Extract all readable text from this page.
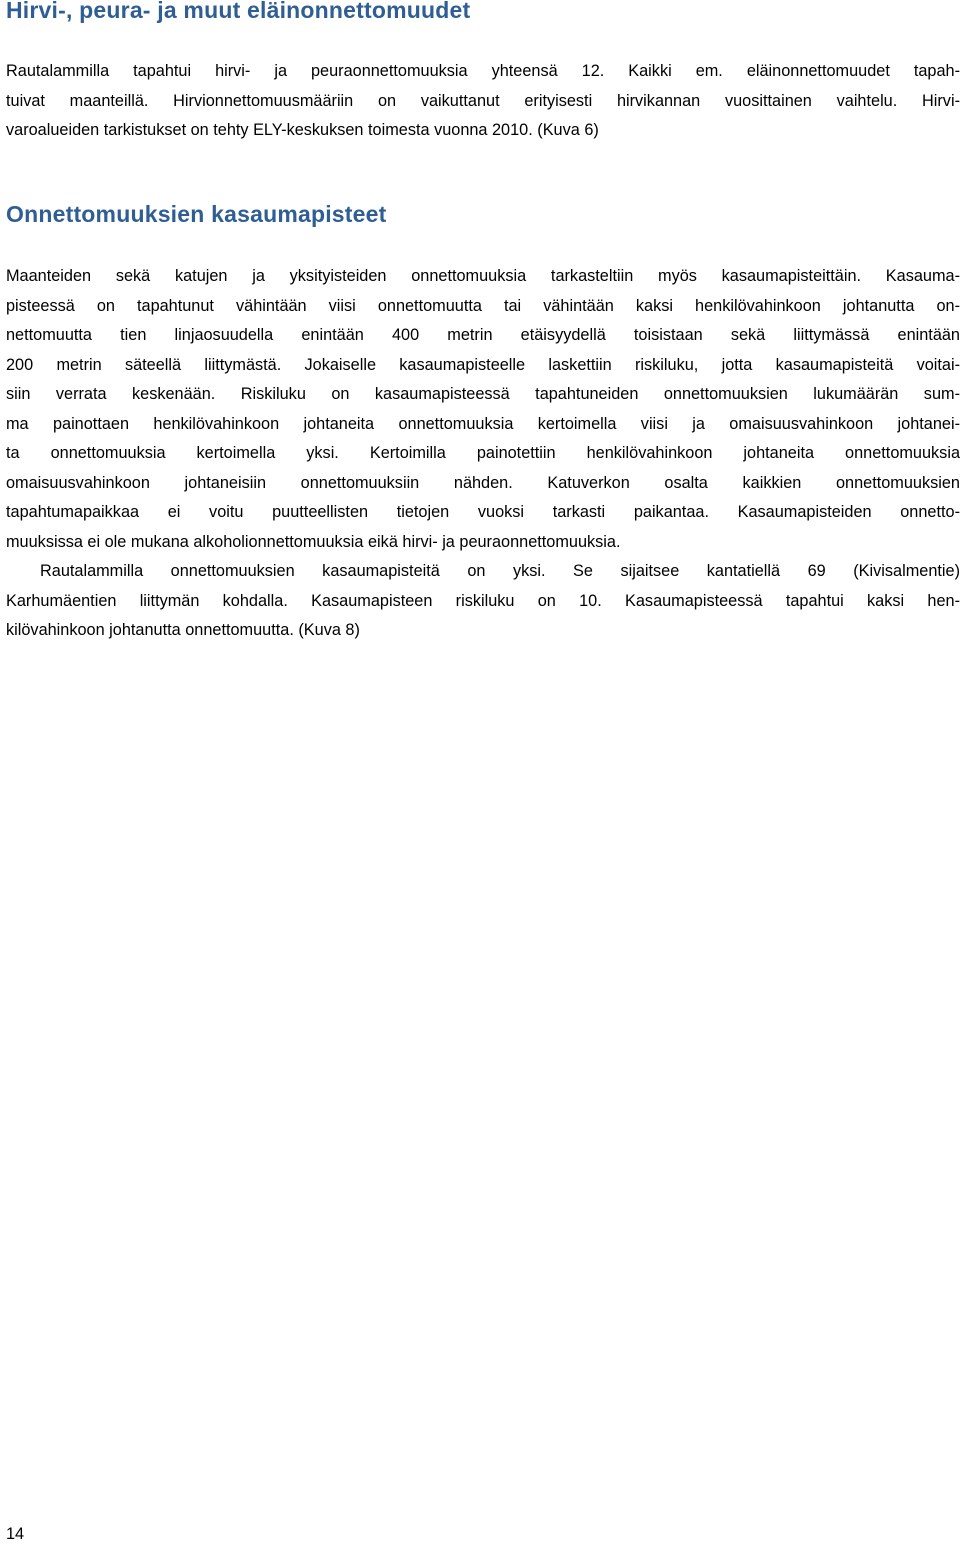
Hirvi-, peura- ja muut eläinonnettomuudet

Rautalammilla tapahtui hirvi- ja peuraonnettomuuksia yhteensä 12. Kaikki em. eläinonnettomuudet tapah-
tuivat maanteillä. Hirvionnettomuusmääriin on vaikuttanut erityisesti hirvikannan vuosittainen vaihtelu. Hirvi-
varoalueiden tarkistukset on tehty ELY-keskuksen toimesta vuonna 2010. (Kuva 6)

Onnettomuuksien kasaumapisteet

Maanteiden sekä katujen ja yksityisteiden onnettomuuksia tarkasteltiin myös kasaumapisteittäin. Kasauma-
pisteessä on tapahtunut vähintään viisi onnettomuutta tai vähintään kaksi henkilövahinkoon johtanutta on-
nettomuutta tien linjaosuudella enintään 400 metrin etäisyydellä toisistaan sekä liittymässä enintään
200 metrin säteellä liittymästä. Jokaiselle kasaumapisteelle laskettiin riskiluku, jotta kasaumapisteitä voitai-
siin verrata keskenään. Riskiluku on kasaumapisteessä tapahtuneiden onnettomuuksien lukumäärän sum-
ma painottaen henkilövahinkoon johtaneita onnettomuuksia kertoimella viisi ja omaisuusvahinkoon johtanei-
ta onnettomuuksia kertoimella yksi. Kertoimilla painotettiin henkilövahinkoon johtaneita onnettomuuksia
omaisuusvahinkoon johtaneisiin onnettomuuksiin nähden. Katuverkon osalta kaikkien onnettomuuksien
tapahtumapaikkaa ei voitu puutteellisten tietojen vuoksi tarkasti paikantaa. Kasaumapisteiden onnetto-
muuksissa ei ole mukana alkoholionnettomuuksia eikä hirvi- ja peuraonnettomuuksia.
Rautalammilla onnettomuuksien kasaumapisteitä on yksi. Se sijaitsee kantatiellä 69 (Kivisalmentie)
Karhumäentien liittymän kohdalla. Kasaumapisteen riskiluku on 10. Kasaumapisteessä tapahtui kaksi hen-
kilövahinkoon johtanutta onnettomuutta. (Kuva 8)

14
